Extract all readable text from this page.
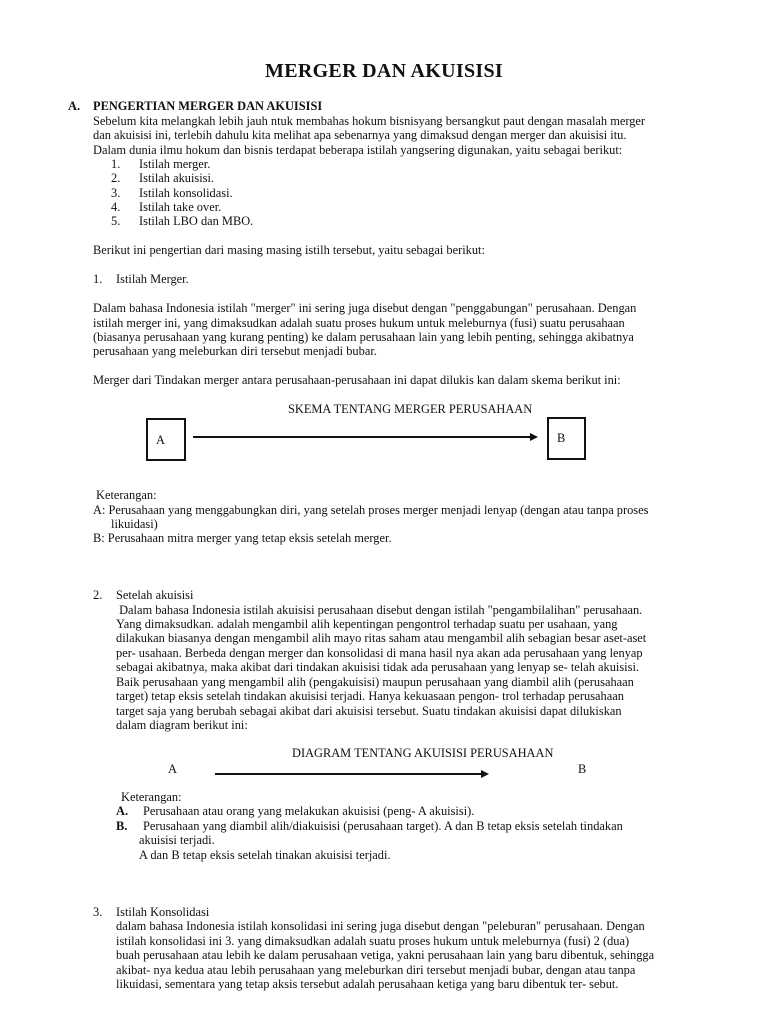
MERGER DAN AKUISISI
A. PENGERTIAN MERGER DAN AKUISISI
Sebelum kita melangkah lebih jauh ntuk membahas hokum bisnisyang bersangkut paut dengan masalah merger
dan akuisisi ini, terlebih dahulu kita melihat apa sebenarnya yang dimaksud dengan merger dan akuisisi itu.
Dalam dunia ilmu hokum dan bisnis terdapat beberapa istilah yangsering digunakan, yaitu sebagai berikut:
1. Istilah merger.
2. Istilah akuisisi.
3. Istilah konsolidasi.
4. Istilah take over.
5. Istilah LBO dan MBO.
Berikut ini pengertian dari masing masing istilh tersebut, yaitu sebagai berikut:
1. Istilah Merger.
Dalam bahasa Indonesia istilah "merger" ini sering juga disebut dengan "penggabungan" perusahaan. Dengan
istilah merger ini, yang dimaksudkan adalah suatu proses hukum untuk meleburnya (fusi) suatu perusahaan
(biasanya perusahaan yang kurang penting) ke dalam perusahaan lain yang lebih penting, sehingga akibatnya
perusahaan yang meleburkan diri tersebut menjadi bubar.
Merger dari Tindakan merger antara perusahaan-perusahaan ini dapat dilukis kan dalam skema berikut ini:
SKEMA TENTANG MERGER PERUSAHAAN
A	B
Keterangan:
A: Perusahaan yang menggabungkan diri, yang setelah proses merger menjadi lenyap (dengan atau tanpa proses
likuidasi)
B: Perusahaan mitra merger yang tetap eksis setelah merger.
2. Setelah akuisisi
Dalam bahasa Indonesia istilah akuisisi perusahaan disebut dengan istilah "pengambilalihan" perusahaan.
Yang dimaksudkan. adalah mengambil alih kepentingan pengontrol terhadap suatu per usahaan, yang
dilakukan biasanya dengan mengambil alih mayo ritas saham atau mengambil alih sebagian besar aset-aset
per- usahaan. Berbeda dengan merger dan konsolidasi di mana hasil nya akan ada perusahaan yang lenyap
sebagai akibatnya, maka akibat dari tindakan akuisisi tidak ada perusahaan yang lenyap se- telah akuisisi.
Baik perusahaan yang mengambil alih (pengakuisisi) maupun perusahaan yang diambil alih (perusahaan
target) tetap eksis setelah tindakan akuisisi terjadi. Hanya kekuasaan pengon- trol terhadap perusahaan
target saja yang berubah sebagai akibat dari akuisisi tersebut. Suatu tindakan akuisisi dapat dilukiskan
dalam diagram berikut ini:
DIAGRAM TENTANG AKUISISI PERUSAHAAN
A	B
Keterangan:
A. Perusahaan atau orang yang melakukan akuisisi (peng- A akuisisi).
B. Perusahaan yang diambil alih/diakuisisi (perusahaan target). A dan B tetap eksis setelah tindakan
akuisisi terjadi.
A dan B tetap eksis setelah tinakan akuisisi terjadi.
3. Istilah Konsolidasi
dalam bahasa Indonesia istilah konsolidasi ini sering juga disebut dengan "peleburan" perusahaan. Dengan
istilah konsolidasi ini 3. yang dimaksudkan adalah suatu proses hukum untuk meleburnya (fusi) 2 (dua)
buah perusahaan atau lebih ke dalam perusahaan vetiga, yakni perusahaan lain yang baru dibentuk, sehingga
akibat- nya kedua atau lebih perusahaan yang meleburkan diri tersebut menjadi bubar, dengan atau tanpa
likuidasi, sementara yang tetap aksis tersebut adalah perusahaan ketiga yang baru dibentuk ter- sebut.
